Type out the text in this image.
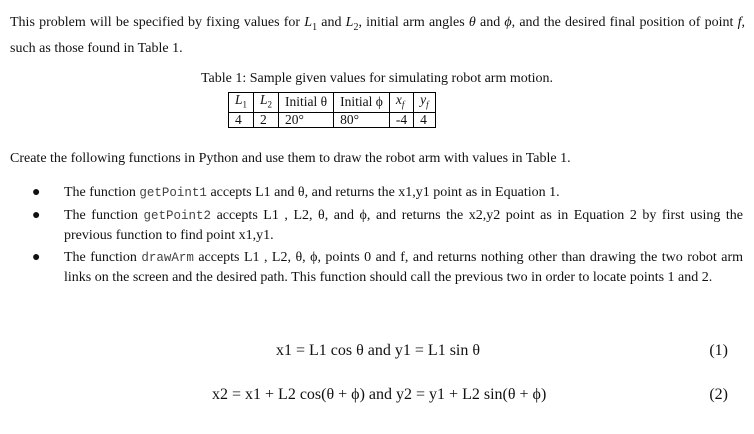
This problem will be specified by fixing values for $L_1$ and $L_2$, initial arm angles θ and ϕ, and the desired final position of point f, such as those found in Table 1.
Table 1: Sample given values for simulating robot arm motion.
$L_1$	$L_2$	Initial θ	Initial ϕ	$x_f$	$y_f$
4	2	20°	80°	-4	4
Create the following functions in Python and use them to draw the robot arm with values in Table 1.
● The function getPoint1 accepts L1 and θ, and returns the x1,y1 point as in Equation 1.
● The function getPoint2 accepts L1 , L2, θ, and ϕ, and returns the x2,y2 point as in Equation 2 by first using the previous function to find point x1,y1.
● The function drawArm accepts L1 , L2, θ, ϕ, points 0 and f, and returns nothing other than drawing the two robot arm links on the screen and the desired path. This function should call the previous two in order to locate points 1 and 2.
x1 = L1 cos θ and y1 = L1 sin θ	(1)
x2 = x1 + L2 cos(θ + ϕ) and y2 = y1 + L2 sin(θ + ϕ)	(2)
